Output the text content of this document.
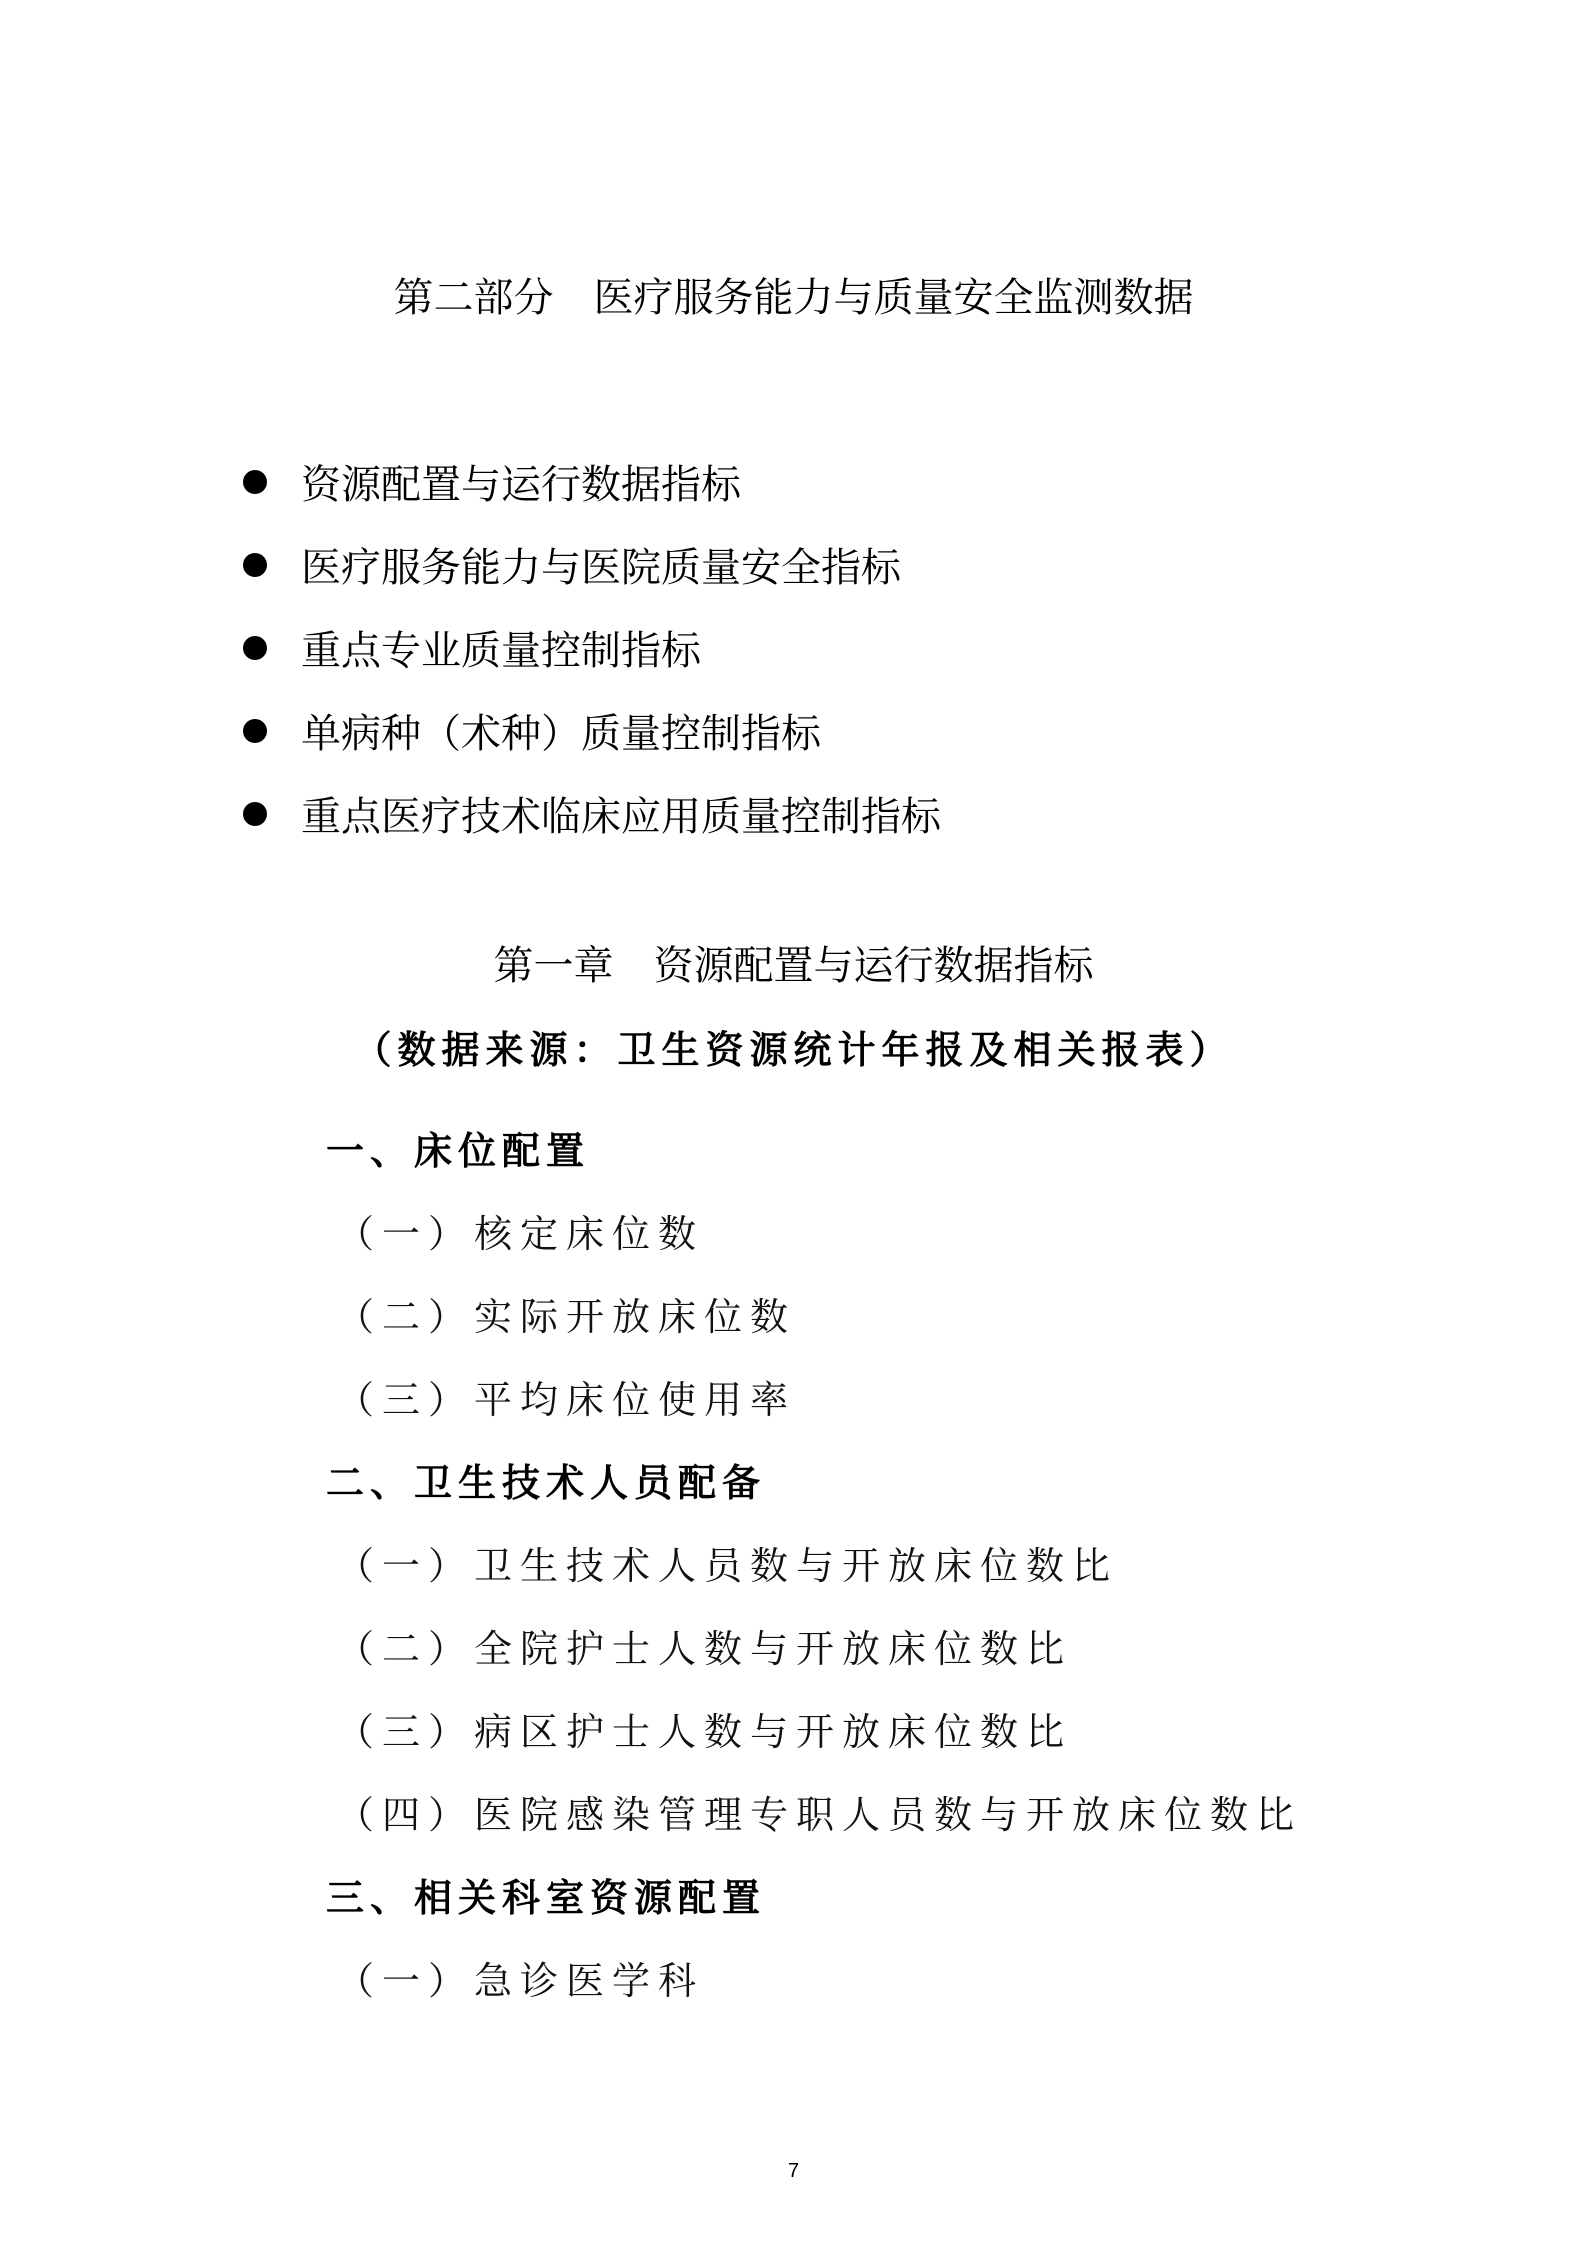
第二部分　医疗服务能力与质量安全监测数据
资源配置与运行数据指标
医疗服务能力与医院质量安全指标
重点专业质量控制指标
单病种（术种）质量控制指标
重点医疗技术临床应用质量控制指标
第一章　资源配置与运行数据指标
（数据来源：卫生资源统计年报及相关报表）
一、床位配置
（一）核定床位数
（二）实际开放床位数
（三）平均床位使用率
二、卫生技术人员配备
（一）卫生技术人员数与开放床位数比
（二）全院护士人数与开放床位数比
（三）病区护士人数与开放床位数比
（四）医院感染管理专职人员数与开放床位数比
三、相关科室资源配置
（一）急诊医学科
7
